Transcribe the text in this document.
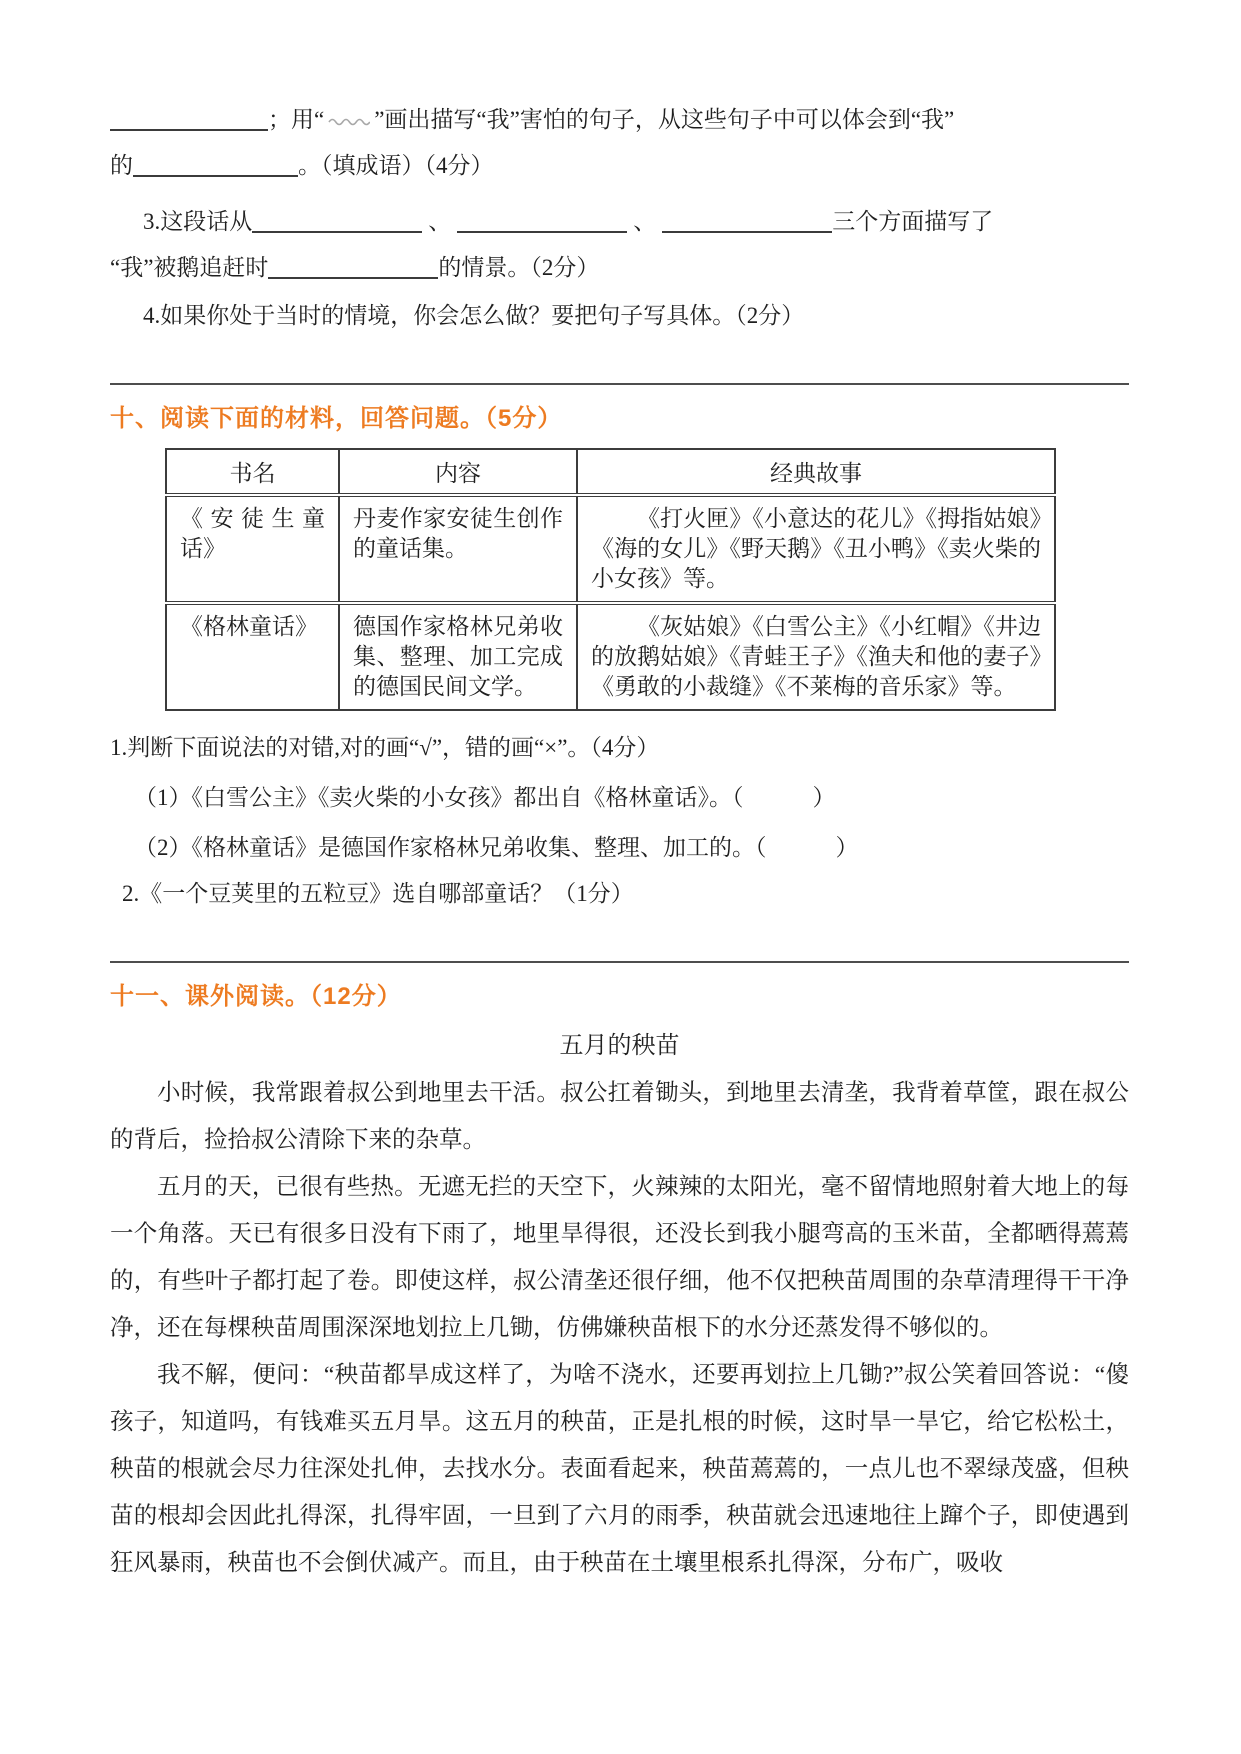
；用“ ”画出描写“我”害怕的句子，从这些句子中可以体会到“我”
的	。（填成语）（4分）
3.这段话从	、	、	三个方面描写了
“我”被鹅追赶时	的情景。（2分）
4.如果你处于当时的情境，你会怎么做？要把句子写具体。（2分）
十、阅读下面的材料，回答问题。（5分）
书名	内容	经典故事
《安徒生童话》	丹麦作家安徒生创作的童话集。	《打火匣》《小意达的花儿》《拇指姑娘》《海的女儿》《野天鹅》《丑小鸭》《卖火柴的小女孩》等。
《格林童话》	德国作家格林兄弟收集、整理、加工完成的德国民间文学。	《灰姑娘》《白雪公主》《小红帽》《井边的放鹅姑娘》《青蛙王子》《渔夫和他的妻子》《勇敢的小裁缝》《不莱梅的音乐家》等。
1.判断下面说法的对错,对的画“√”，错的画“×”。（4分）
（1）《白雪公主》《卖火柴的小女孩》都出自《格林童话》。（　　　）
（2）《格林童话》是德国作家格林兄弟收集、整理、加工的。（　　　）
2.《一个豆荚里的五粒豆》选自哪部童话？（1分）
十一、课外阅读。（12分）
五月的秧苗

小时候，我常跟着叔公到地里去干活。叔公扛着锄头，到地里去清垄，我背着草筐，跟在叔公的背后，捡拾叔公清除下来的杂草。

五月的天，已很有些热。无遮无拦的天空下，火辣辣的太阳光，毫不留情地照射着大地上的每一个角落。天已有很多日没有下雨了，地里旱得很，还没长到我小腿弯高的玉米苗，全都晒得蔫蔫的，有些叶子都打起了卷。即使这样，叔公清垄还很仔细，他不仅把秧苗周围的杂草清理得干干净净，还在每棵秧苗周围深深地划拉上几锄，仿佛嫌秧苗根下的水分还蒸发得不够似的。

我不解，便问：“秧苗都旱成这样了，为啥不浇水，还要再划拉上几锄?”叔公笑着回答说：“傻孩子，知道吗，有钱难买五月旱。这五月的秧苗，正是扎根的时候，这时旱一旱它，给它松松土，秧苗的根就会尽力往深处扎伸，去找水分。表面看起来，秧苗蔫蔫的，一点儿也不翠绿茂盛，但秧苗的根却会因此扎得深，扎得牢固，一旦到了六月的雨季，秧苗就会迅速地往上蹿个子，即使遇到狂风暴雨，秧苗也不会倒伏减产。而且，由于秧苗在土壤里根系扎得深，分布广，吸收
